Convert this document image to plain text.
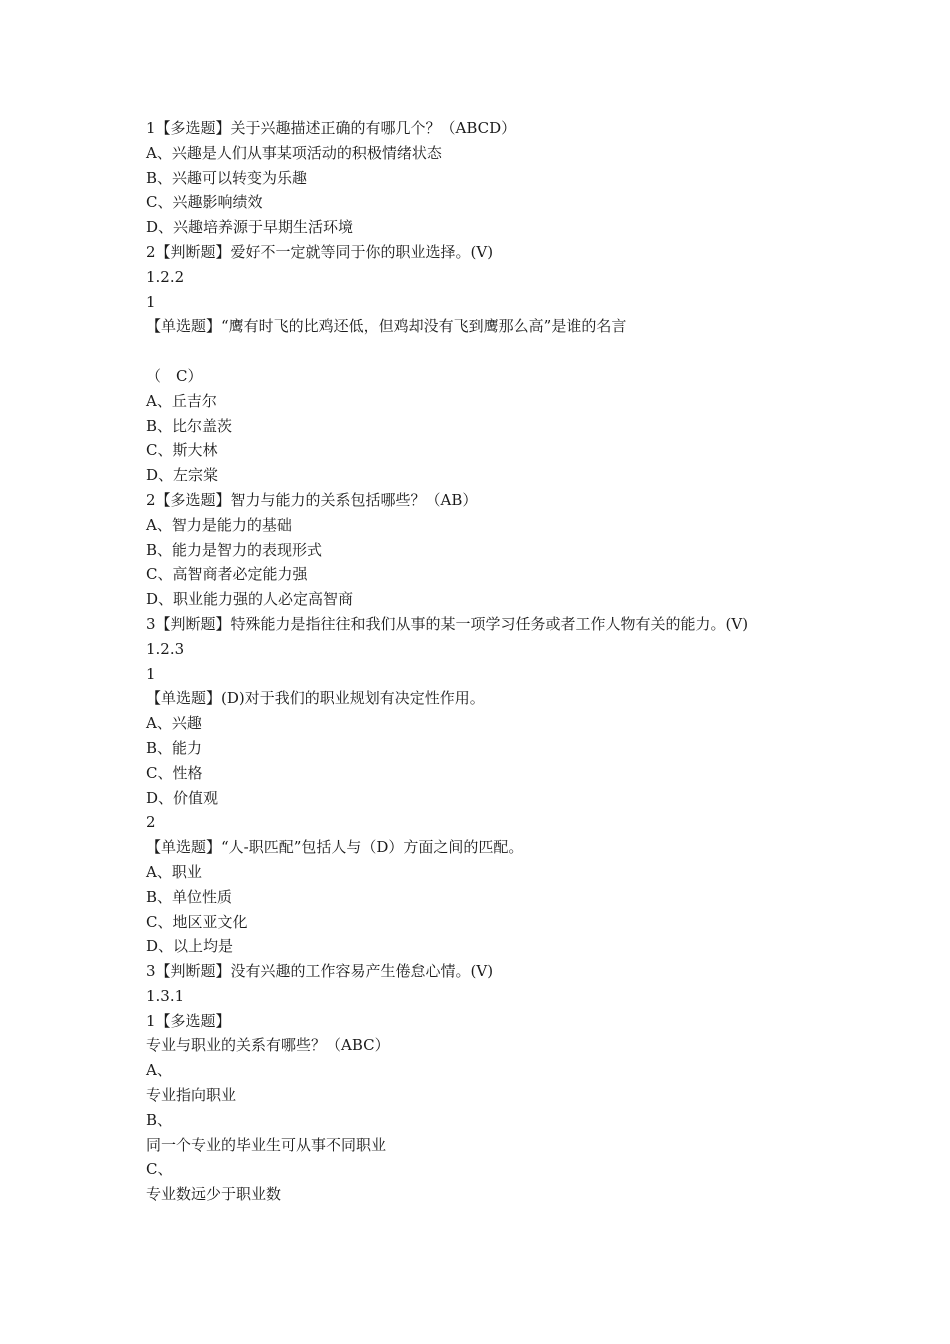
1【多选题】关于兴趣描述正确的有哪几个？（ABCD）
A、兴趣是人们从事某项活动的积极情绪状态
B、兴趣可以转变为乐趣
C、兴趣影响绩效
D、兴趣培养源于早期生活环境
2【判断题】爱好不一定就等同于你的职业选择。(V)
1.2.2
1
【单选题】“鹰有时飞的比鸡还低，但鸡却没有飞到鹰那么高”是谁的名言
（　C）
A、丘吉尔
B、比尔盖茨
C、斯大林
D、左宗棠
2【多选题】智力与能力的关系包括哪些？（AB）
A、智力是能力的基础
B、能力是智力的表现形式
C、高智商者必定能力强
D、职业能力强的人必定高智商
3【判断题】特殊能力是指往往和我们从事的某一项学习任务或者工作人物有关的能力。(V)
1.2.3
1
【单选题】(D)对于我们的职业规划有决定性作用。
A、兴趣
B、能力
C、性格
D、价值观
2
【单选题】“人-职匹配”包括人与（D）方面之间的匹配。
A、职业
B、单位性质
C、地区亚文化
D、以上均是
3【判断题】没有兴趣的工作容易产生倦怠心情。(V)
1.3.1
1【多选题】
专业与职业的关系有哪些？（ABC）
A、
专业指向职业
B、
同一个专业的毕业生可从事不同职业
C、
专业数远少于职业数
